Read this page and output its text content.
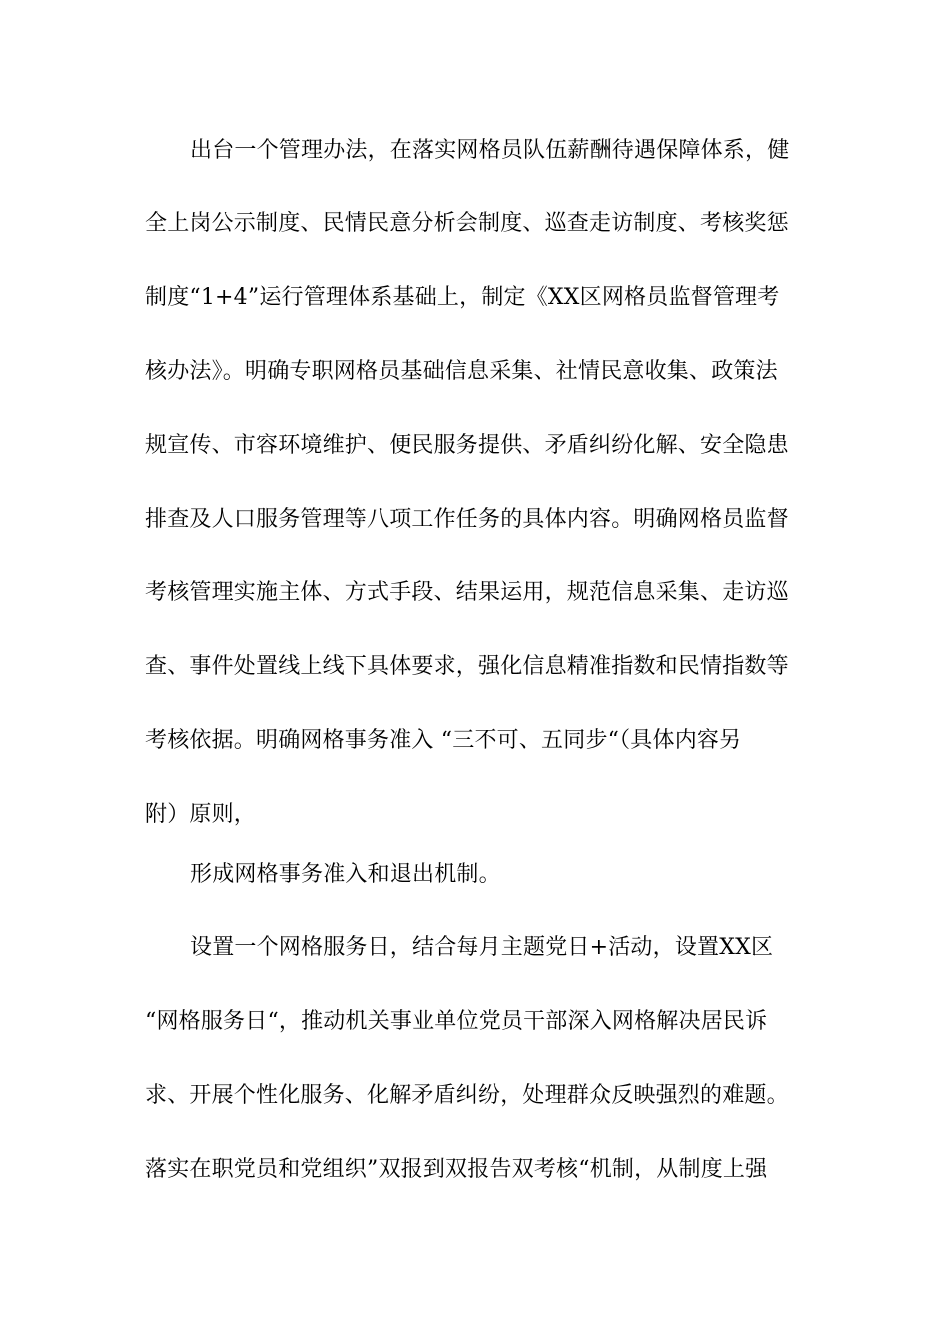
出台一个管理办法，在落实网格员队伍薪酬待遇保障体系，健
全上岗公示制度、民情民意分析会制度、巡查走访制度、考核奖惩
制度“1+4”运行管理体系基础上，制定《XX区网格员监督管理考
核办法》。明确专职网格员基础信息采集、社情民意收集、政策法
规宣传、市容环境维护、便民服务提供、矛盾纠纷化解、安全隐患
排查及人口服务管理等八项工作任务的具体内容。明确网格员监督
考核管理实施主体、方式手段、结果运用，规范信息采集、走访巡
查、事件处置线上线下具体要求，强化信息精准指数和民情指数等
考核依据。明确网格事务准入 “三不可、五同步“（具体内容另
附）原则，
形成网格事务准入和退出机制。
设置一个网格服务日，结合每月主题党日+活动，设置XX区
“网格服务日“，推动机关事业单位党员干部深入网格解决居民诉
求、开展个性化服务、化解矛盾纠纷，处理群众反映强烈的难题。
落实在职党员和党组织”双报到双报告双考核“机制，从制度上强
